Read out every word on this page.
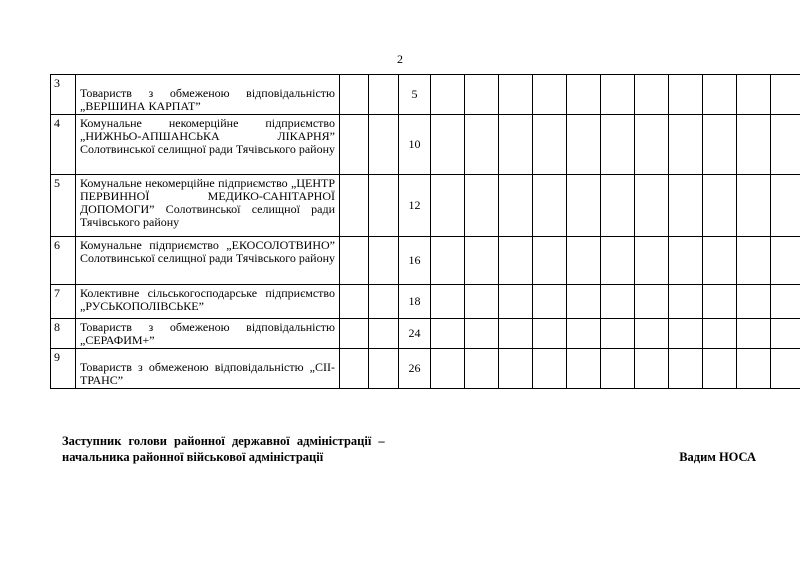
2
3	Товариств з обмеженою відповідальністю „ВЕРШИНА КАРПАТ”			5											
4	Комунальне некомерційне підприємство „НИЖНЬО-АПШАНСЬКА ЛІКАРНЯ” Солотвинської селищної ради Тячівського району			10											
5	Комунальне некомерційне підприємство „ЦЕНТР ПЕРВИННОЇ МЕДИКО-САНІТАРНОЇ ДОПОМОГИ” Солотвинської селищної ради Тячівського району			12											
6	Комунальне підприємство „ЕКОСОЛОТВИНО” Солотвинської селищної ради Тячівського району			16											
7	Колективне сільськогосподарське підприємство „РУСЬКОПОЛІВСЬКЕ”			18											
8	Товариств з обмеженою відповідальністю „СЕРАФИМ+”			24											
9	Товариств з обмеженою відповідальністю „СІІ-ТРАНС”			26											
Заступник голови районної державної адміністрації –
начальника районної військової адміністрації	Вадим НОСА
